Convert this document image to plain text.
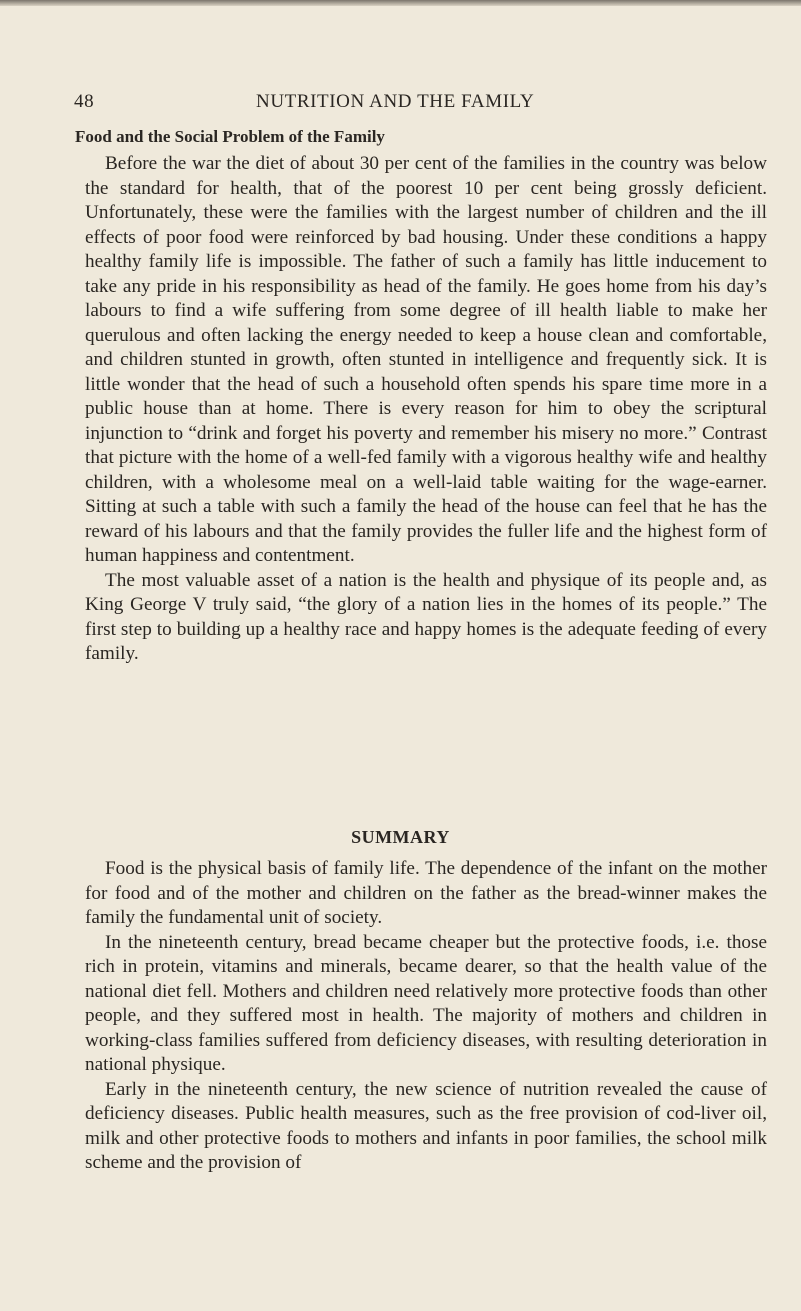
48	NUTRITION AND THE FAMILY
Food and the Social Problem of the Family

Before the war the diet of about 30 per cent of the families in the country was below the standard for health, that of the poorest 10 per cent being grossly deficient. Unfortunately, these were the families with the largest number of children and the ill effects of poor food were reinforced by bad housing. Under these conditions a happy healthy family life is impossible. The father of such a family has little inducement to take any pride in his responsibility as head of the family. He goes home from his day’s labours to find a wife suffering from some degree of ill health liable to make her querulous and often lacking the energy needed to keep a house clean and comfortable, and children stunted in growth, often stunted in intelligence and frequently sick. It is little wonder that the head of such a household often spends his spare time more in a public house than at home. There is every reason for him to obey the scriptural injunction to “drink and forget his poverty and remember his misery no more.” Contrast that picture with the home of a well-fed family with a vigorous healthy wife and healthy children, with a wholesome meal on a well-laid table waiting for the wage-earner. Sitting at such a table with such a family the head of the house can feel that he has the reward of his labours and that the family provides the fuller life and the highest form of human happiness and contentment.

The most valuable asset of a nation is the health and physique of its people and, as King George V truly said, “the glory of a nation lies in the homes of its people.” The first step to building up a healthy race and happy homes is the adequate feeding of every family.

SUMMARY

Food is the physical basis of family life. The dependence of the infant on the mother for food and of the mother and children on the father as the bread-winner makes the family the fundamental unit of society.

In the nineteenth century, bread became cheaper but the protective foods, i.e. those rich in protein, vitamins and minerals, became dearer, so that the health value of the national diet fell. Mothers and children need relatively more protective foods than other people, and they suffered most in health. The majority of mothers and children in working-class families suffered from deficiency diseases, with resulting deterioration in national physique.

Early in the nineteenth century, the new science of nutrition revealed the cause of deficiency diseases. Public health measures, such as the free provision of cod-liver oil, milk and other protective foods to mothers and infants in poor families, the school milk scheme and the provision of
